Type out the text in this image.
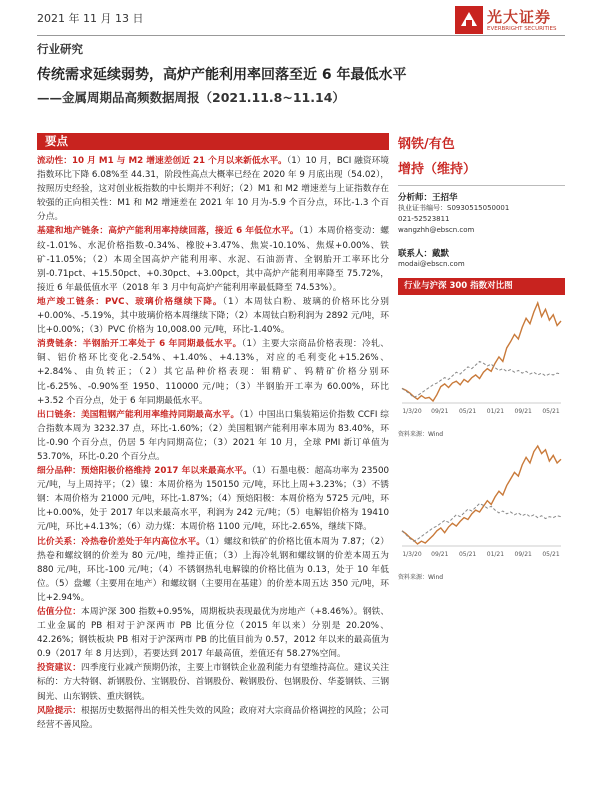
2021 年 11 月 13 日	光大证券
EVERBRIGHT SECURITIES
行业研究
传统需求延续弱势，高炉产能利用率回落至近 6 年最低水平
——金属周期品高频数据周报（2021.11.8~11.14）
要点

流动性：10 月 M1 与 M2 增速差创近 21 个月以来新低水平。（1）10 月，BCI 融资环境指数环比下降 6.08%至 44.31，阶段性高点大概率已经在 2020 年 9 月底出现（54.02），按照历史经验，这对创业板指数的中长期并不利好；（2）M1 和 M2 增速差与上证指数存在较强的正向相关性：M1 和 M2 增速差在 2021 年 10 月为-5.9 个百分点，环比-1.3 个百分点。

基建和地产链条：高炉产能利用率持续回落，接近 6 年低位水平。（1）本周价格变动：螺纹-1.01%、水泥价格指数-0.34%、橡胶+3.47%、焦炭-10.10%、焦煤+0.00%、铁矿-11.05%；（2）本周全国高炉产能利用率、水泥、石油沥青、全钢胎开工率环比分别-0.71pct、+15.50pct、+0.30pct、+3.00pct，其中高炉产能利用率降至 75.72%，接近 6 年最低值水平（2018 年 3 月中旬高炉产能利用率最低降至 74.53%）。

地产竣工链条：PVC、玻璃价格继续下降。（1）本周钛白粉、玻璃的价格环比分别+0.00%、-5.19%，其中玻璃价格本周继续下降；（2）本周钛白粉利润为 2892 元/吨，环比+0.00%；（3）PVC 价格为 10,008.00 元/吨，环比-1.40%。

消费链条：半钢胎开工率处于 6 年同期最低水平。（1）主要大宗商品价格表现：冷轧、铜、铝价格环比变化-2.54%、+1.40%、+4.13%，对应的毛利变化+15.26%、+2.84%、由负转正；（2）其它品种价格表现：钼精矿、钨精矿价格分别环比-6.25%、-0.90%至 1950、110000 元/吨；（3）半钢胎开工率为 60.00%，环比+3.52 个百分点，处于 6 年同期最低水平。

出口链条：美国粗钢产能利用率维持同期最高水平。（1）中国出口集装箱运价指数 CCFI 综合指数本周为 3232.37 点，环比-1.60%；（2）美国粗钢产能利用率本周为 83.40%，环比-0.90 个百分点，仍居 5 年内同期高位；（3）2021 年 10 月，全球 PMI 新订单值为 53.70%，环比-0.20 个百分点。

细分品种：预焙阳极价格维持 2017 年以来最高水平。（1）石墨电极：超高功率为 23500 元/吨，与上周持平；（2）镍：本周价格为 150150 元/吨，环比上周+3.23%；（3）不锈钢：本周价格为 21000 元/吨，环比-1.87%；（4）预焙阳极：本周价格为 5725 元/吨，环比+0.00%，处于 2017 年以来最高水平，利润为 242 元/吨；（5）电解铝价格为 19410 元/吨，环比+4.13%；（6）动力煤：本周价格 1100 元/吨，环比-2.65%，继续下降。

比价关系：冷热卷价差处于年内高位水平。（1）螺纹和铁矿的价格比值本周为 7.87；（2）热卷和螺纹钢的价差为 80 元/吨，维持正值；（3）上海冷轧钢和螺纹钢的价差本周五为 880 元/吨，环比-100 元/吨；（4）不锈钢热轧电解镍的价格比值为 0.13，处于 10 年低位。（5）盘螺（主要用在地产）和螺纹钢（主要用在基建）的价差本周五达 350 元/吨，环比+2.94%。

估值分位：本周沪深 300 指数+0.95%，周期板块表现最优为房地产（+8.46%）。钢铁、工业金属的 PB 相对于沪深两市 PB 比值分位（2015 年以来）分别是 20.20%、42.26%；钢铁板块 PB 相对于沪深两市 PB 的比值目前为 0.57，2012 年以来的最高值为 0.9（2017 年 8 月达到），若要达到 2017 年最高值，差值还有 58.27%空间。

投资建议：四季度行业减产预期仍浓，主要上市钢铁企业盈利能力有望维持高位。建议关注标的：方大特钢、新钢股份、宝钢股份、首钢股份、鞍钢股份、包钢股份、华菱钢铁、三钢闽光、山东钢铁、重庆钢铁。

风险提示：根据历史数据得出的相关性失效的风险；政府对大宗商品价格调控的风险；公司经营不善风险。

钢铁/有色
增持（维持）
分析师：王招华
执业证书编号：S0930515050001
021-52523811
wangzhh@ebscn.com
联系人：戴默
modai@ebscn.com
行业与沪深 300 指数对比图
1/3/20 09/21 05/21 01/21 09/21 05/21
资料来源：Wind
1/3/20 09/21 05/21 01/21 09/21 05/21
资料来源：Wind
